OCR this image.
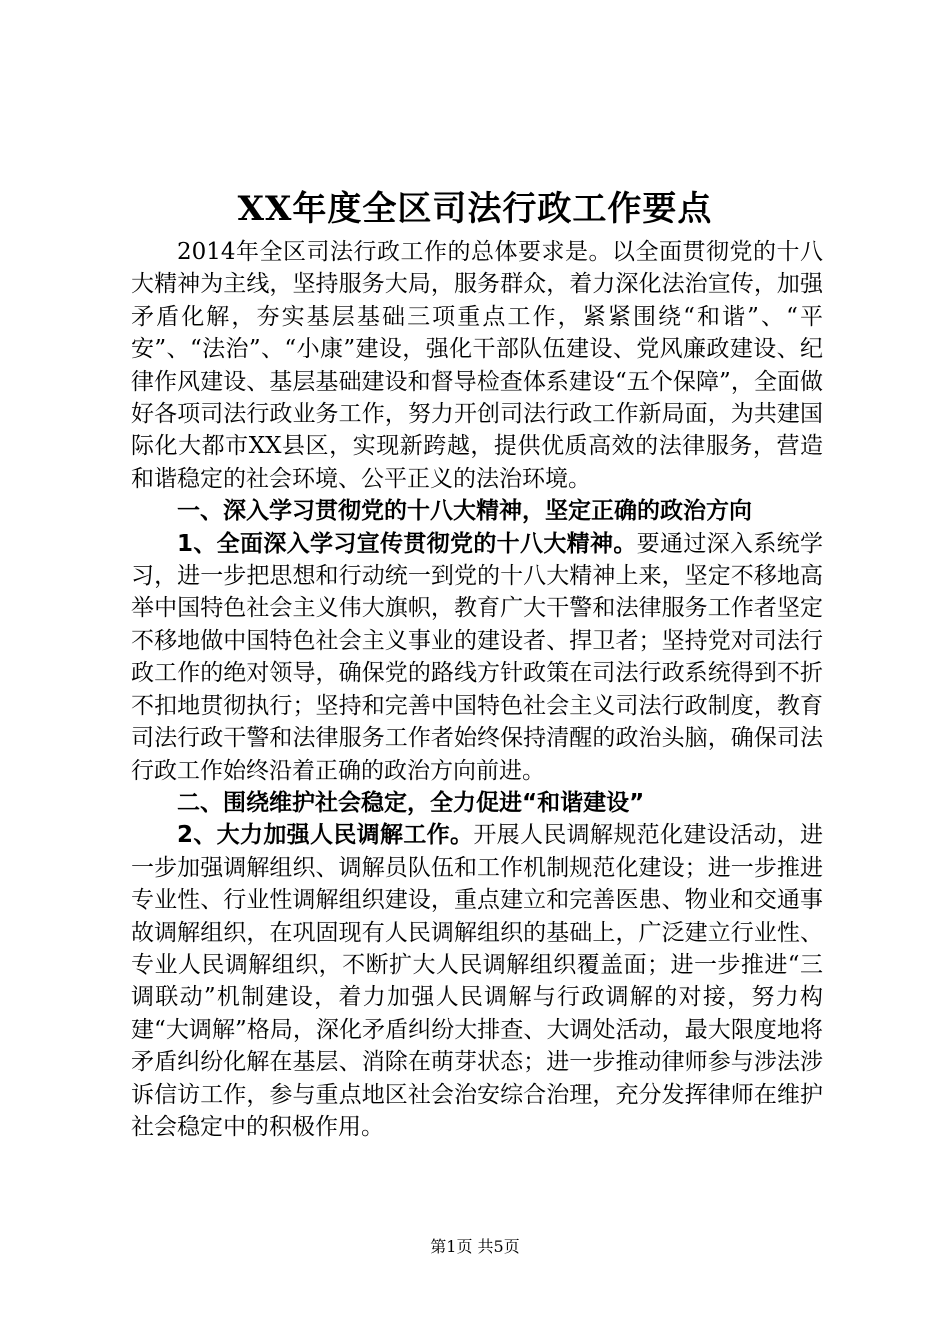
XX年度全区司法行政工作要点

2014年全区司法行政工作的总体要求是。以全面贯彻党的十八大精神为主线，坚持服务大局，服务群众，着力深化法治宣传，加强矛盾化解，夯实基层基础三项重点工作，紧紧围绕“和谐”、“平安”、“法治”、“小康”建设，强化干部队伍建设、党风廉政建设、纪律作风建设、基层基础建设和督导检查体系建设“五个保障”，全面做好各项司法行政业务工作，努力开创司法行政工作新局面，为共建国际化大都市XX县区，实现新跨越，提供优质高效的法律服务，营造和谐稳定的社会环境、公平正义的法治环境。

一、深入学习贯彻党的十八大精神，坚定正确的政治方向

1、全面深入学习宣传贯彻党的十八大精神。要通过深入系统学习，进一步把思想和行动统一到党的十八大精神上来，坚定不移地高举中国特色社会主义伟大旗帜，教育广大干警和法律服务工作者坚定不移地做中国特色社会主义事业的建设者、捍卫者；坚持党对司法行政工作的绝对领导，确保党的路线方针政策在司法行政系统得到不折不扣地贯彻执行；坚持和完善中国特色社会主义司法行政制度，教育司法行政干警和法律服务工作者始终保持清醒的政治头脑，确保司法行政工作始终沿着正确的政治方向前进。

二、围绕维护社会稳定，全力促进“和谐建设”

2、大力加强人民调解工作。开展人民调解规范化建设活动，进一步加强调解组织、调解员队伍和工作机制规范化建设；进一步推进专业性、行业性调解组织建设，重点建立和完善医患、物业和交通事故调解组织，在巩固现有人民调解组织的基础上，广泛建立行业性、专业人民调解组织，不断扩大人民调解组织覆盖面；进一步推进“三调联动”机制建设，着力加强人民调解与行政调解的对接，努力构建“大调解”格局，深化矛盾纠纷大排查、大调处活动，最大限度地将矛盾纠纷化解在基层、消除在萌芽状态；进一步推动律师参与涉法涉诉信访工作，参与重点地区社会治安综合治理，充分发挥律师在维护社会稳定中的积极作用。

第1页 共5页
